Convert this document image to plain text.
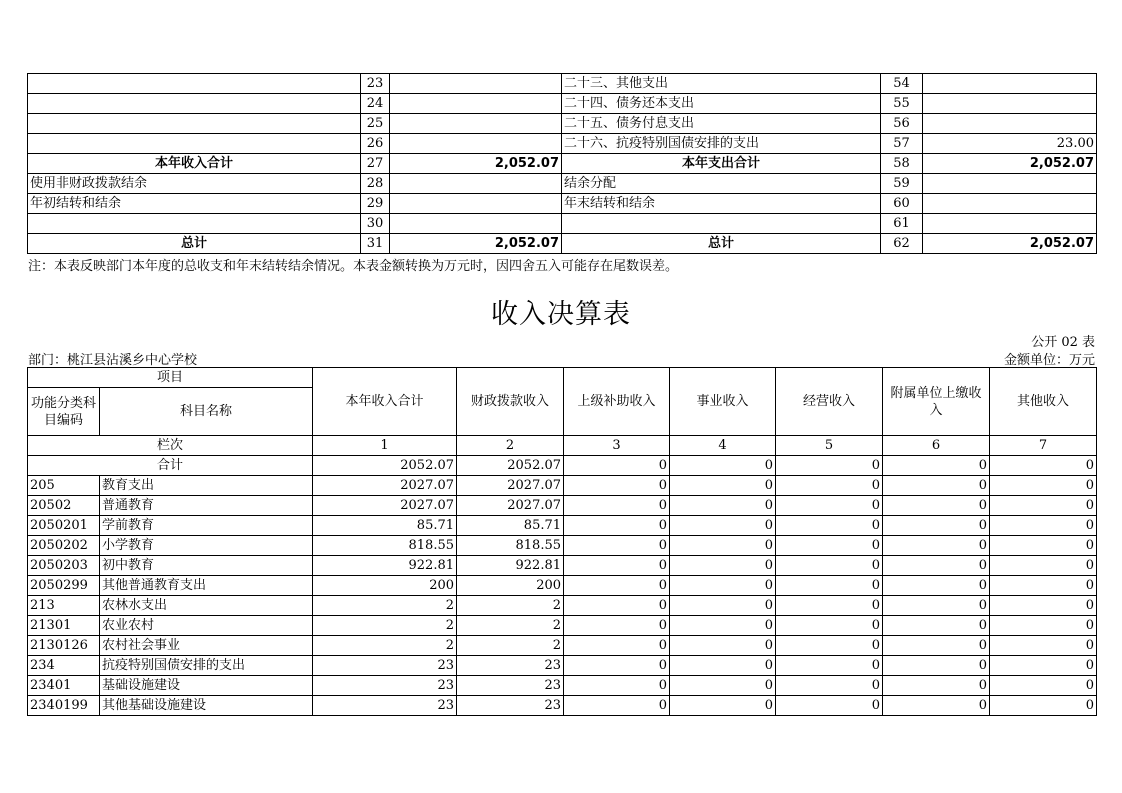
	23		二十三、其他支出	54	
	24		二十四、债务还本支出	55	
	25		二十五、债务付息支出	56	
	26		二十六、抗疫特别国债安排的支出	57	23.00
本年收入合计	27	2,052.07	本年支出合计	58	2,052.07
使用非财政拨款结余	28		结余分配	59	
年初结转和结余	29		年末结转和结余	60	
	30			61	
总计	31	2,052.07	总计	62	2,052.07
注：本表反映部门本年度的总收支和年末结转结余情况。本表金额转换为万元时，因四舍五入可能存在尾数误差。
收入决算表
公开 02 表
部门：桃江县沾溪乡中心学校	金额单位：万元
项目		本年收入合计	财政拨款收入	上级补助收入	事业收入	经营收入	附属单位上缴收入	其他收入
功能分类科目编码	科目名称							
栏次		1	2	3	4	5	6	7
合计		2052.07	2052.07	0	0	0	0	0
205	教育支出	2027.07	2027.07	0	0	0	0	0
20502	普通教育	2027.07	2027.07	0	0	0	0	0
2050201	学前教育	85.71	85.71	0	0	0	0	0
2050202	小学教育	818.55	818.55	0	0	0	0	0
2050203	初中教育	922.81	922.81	0	0	0	0	0
2050299	其他普通教育支出	200	200	0	0	0	0	0
213	农林水支出	2	2	0	0	0	0	0
21301	农业农村	2	2	0	0	0	0	0
2130126	农村社会事业	2	2	0	0	0	0	0
234	抗疫特别国债安排的支出	23	23	0	0	0	0	0
23401	基础设施建设	23	23	0	0	0	0	0
2340199	其他基础设施建设	23	23	0	0	0	0	0
